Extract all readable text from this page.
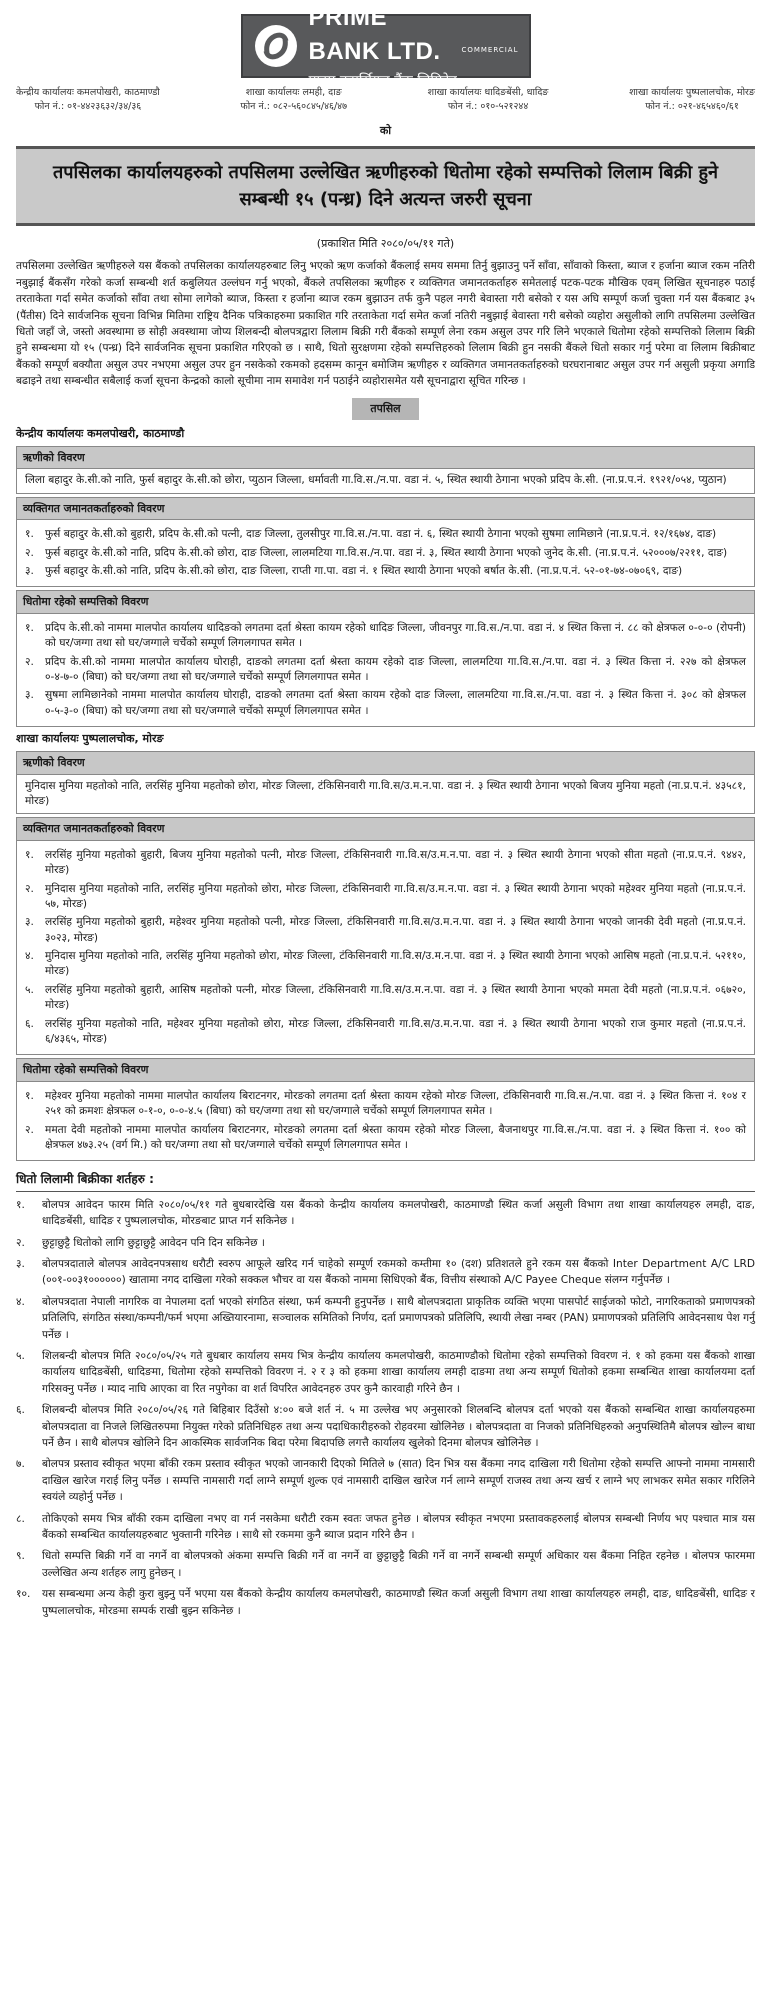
PRiME BANK LTD.	COMMERCIAL
प्राइम कमर्सियल बैंक लिमिटेड
केन्द्रीय कार्यालयः कमलपोखरी, काठमाण्डौ
फोन नं.: ०१-४४२३६३२/३४/३६
शाखा कार्यालयः लमही, दाङ
फोन नं.: ०८२-५६०८४५/४६/४७
शाखा कार्यालयः धादिङबेंसी, धादिङ
फोन नं.: ०१०-५२१२४४
शाखा कार्यालयः पुष्पलालचोक, मोरङ
फोन नं.: ०२१-४६५४६०/६१
को
तपसिलका कार्यालयहरुको तपसिलमा उल्लेखित ऋणीहरुको धितोमा रहेको सम्पत्तिको लिलाम बिक्री हुने सम्बन्धी १५ (पन्ध्र) दिने अत्यन्त जरुरी सूचना
(प्रकाशित मिति २०८०/०५/११ गते)
तपसिलमा उल्लेखित ऋणीहरुले यस बैंकको तपसिलका कार्यालयहरुबाट लिनु भएको ऋण कर्जाको बैंकलाई समय सममा तिर्नु बुझाउनु पर्ने साँवा, साँवाको किस्ता, ब्याज र हर्जाना ब्याज रकम नतिरी नबुझाई बैंकसँग गरेको कर्जा सम्बन्धी शर्त कबुलियत उल्लंघन गर्नु भएको, बैंकले तपसिलका ऋणीहरु र व्यक्तिगत जमानतकर्ताहरु समेतलाई पटक-पटक मौखिक एवम् लिखित सूचनाहरु पठाई तरताकेता गर्दा समेत कर्जाको साँवा तथा सोमा लागेको ब्याज, किस्ता र हर्जाना ब्याज रकम बुझाउन तर्फ कुनै पहल नगरी बेवास्ता गरी बसेको र यस अघि सम्पूर्ण कर्जा चुक्ता गर्न यस बैंकबाट ३५ (पैंतीस) दिने सार्वजनिक सूचना विभिन्न मितिमा राष्ट्रिय दैनिक पत्रिकाहरुमा प्रकाशित गरि तरताकेता गर्दा समेत कर्जा नतिरी नबुझाई बेवास्ता गरी बसेको व्यहोरा असुलीको लागि तपसिलमा उल्लेखित धितो जहाँ जे, जस्तो अवस्थामा छ सोही अवस्थामा जोप्य शिलबन्दी बोलपत्रद्वारा लिलाम बिक्री गरी बैंकको सम्पूर्ण लेना रकम असुल उपर गरि लिने भएकाले धितोमा रहेको सम्पत्तिको लिलाम बिक्री हुने सम्बन्धमा यो १५ (पन्ध्र) दिने सार्वजनिक सूचना प्रकाशित गरिएको छ । साथै, धितो सुरक्षणमा रहेको सम्पत्तिहरुको लिलाम बिक्री हुन नसकी बैंकले धितो सकार गर्नु परेमा वा लिलाम बिक्रीबाट बैंकको सम्पूर्ण बक्यौता असुल उपर नभएमा असुल उपर हुन नसकेको रकमको हदसम्म कानून बमोजिम ऋणीहरु र व्यक्तिगत जमानतकर्ताहरुको घरघरानाबाट असुल उपर गर्न असुली प्रकृया अगाडि बढाइने तथा सम्बन्धीत सबैलाई कर्जा सूचना केन्द्रको कालो सूचीमा नाम समावेश गर्न पठाईने व्यहोरासमेत यसै सूचनाद्वारा सूचित गरिन्छ ।
तपसिल
केन्द्रीय कार्यालयः कमलपोखरी, काठमाण्डौ
ऋणीको विवरण
लिला बहादुर के.सी.को नाति, फुर्स बहादुर के.सी.को छोरा, प्युठान जिल्ला, धर्मावती गा.वि.स./न.पा. वडा नं. ५, स्थित स्थायी ठेगाना भएको प्रदिप के.सी. (ना.प्र.प.नं. १९२१/०५४, प्युठान)
व्यक्तिगत जमानतकर्ताहरुको विवरण
१.	फुर्स बहादुर के.सी.को बुहारी, प्रदिप के.सी.को पत्नी, दाङ जिल्ला, तुलसीपुर गा.वि.स./न.पा. वडा नं. ६, स्थित स्थायी ठेगाना भएको सुषमा लामिछाने (ना.प्र.प.नं. १२/१६७४, दाङ)
२.	फुर्स बहादुर के.सी.को नाति, प्रदिप के.सी.को छोरा, दाङ जिल्ला, लालमटिया गा.वि.स./न.पा. वडा नं. ३, स्थित स्थायी ठेगाना भएको जुनेद के.सी. (ना.प्र.प.नं. ५२०००७/२२११, दाङ)
३.	फुर्स बहादुर के.सी.को नाति, प्रदिप के.सी.को छोरा, दाङ जिल्ला, राप्ती गा.पा. वडा नं. १ स्थित स्थायी ठेगाना भएको बर्षात के.सी. (ना.प्र.प.नं. ५२-०१-७४-०७०६९, दाङ)
धितोमा रहेको सम्पत्तिको विवरण
१.	प्रदिप के.सी.को नाममा मालपोत कार्यालय धादिङको लगतमा दर्ता श्रेस्ता कायम रहेको धादिङ जिल्ला, जीवनपुर गा.वि.स./न.पा. वडा नं. ४ स्थित कित्ता नं. ८८ को क्षेत्रफल ०-०-० (रोपनी) को घर/जग्गा तथा सो घर/जग्गाले चर्चेको सम्पूर्ण लिगलगापत समेत ।
२.	प्रदिप के.सी.को नाममा मालपोत कार्यालय घोराही, दाङको लगतमा दर्ता श्रेस्ता कायम रहेको दाङ जिल्ला, लालमटिया गा.वि.स./न.पा. वडा नं. ३ स्थित कित्ता नं. २२७ को क्षेत्रफल ०-४-७-० (बिघा) को घर/जग्गा तथा सो घर/जग्गाले चर्चेको सम्पूर्ण लिगलगापत समेत ।
३.	सुषमा लामिछानेको नाममा मालपोत कार्यालय घोराही, दाङको लगतमा दर्ता श्रेस्ता कायम रहेको दाङ जिल्ला, लालमटिया गा.वि.स./न.पा. वडा नं. ३ स्थित कित्ता नं. ३०८ को क्षेत्रफल ०-५-३-० (बिघा) को घर/जग्गा तथा सो घर/जग्गाले चर्चेको सम्पूर्ण लिगलगापत समेत ।
शाखा कार्यालयः पुष्पलालचोक, मोरङ
ऋणीको विवरण
मुनिदास मुनिया महतोको नाति, लरसिंह मुनिया महतोको छोरा, मोरङ जिल्ला, टंकिसिनवारी गा.वि.स/उ.म.न.पा. वडा नं. ३ स्थित स्थायी ठेगाना भएको बिजय मुनिया महतो (ना.प्र.प.नं. ४३५८१, मोरङ)
व्यक्तिगत जमानतकर्ताहरुको विवरण
१.	लरसिंह मुनिया महतोको बुहारी, बिजय मुनिया महतोको पत्नी, मोरङ जिल्ला, टंकिसिनवारी गा.वि.स/उ.म.न.पा. वडा नं. ३ स्थित स्थायी ठेगाना भएको सीता महतो (ना.प्र.प.नं. ९४४२, मोरङ)
२.	मुनिदास मुनिया महतोको नाति, लरसिंह मुनिया महतोको छोरा, मोरङ जिल्ला, टंकिसिनवारी गा.वि.स/उ.म.न.पा. वडा नं. ३ स्थित स्थायी ठेगाना भएको महेश्वर मुनिया महतो (ना.प्र.प.नं. ५७, मोरङ)
३.	लरसिंह मुनिया महतोको बुहारी, महेश्वर मुनिया महतोको पत्नी, मोरङ जिल्ला, टंकिसिनवारी गा.वि.स/उ.म.न.पा. वडा नं. ३ स्थित स्थायी ठेगाना भएको जानकी देवी महतो (ना.प्र.प.नं. ३०२३, मोरङ)
४.	मुनिदास मुनिया महतोको नाति, लरसिंह मुनिया महतोको छोरा, मोरङ जिल्ला, टंकिसिनवारी गा.वि.स/उ.म.न.पा. वडा नं. ३ स्थित स्थायी ठेगाना भएको आसिष महतो (ना.प्र.प.नं. ५२११०, मोरङ)
५.	लरसिंह मुनिया महतोको बुहारी, आसिष महतोको पत्नी, मोरङ जिल्ला, टंकिसिनवारी गा.वि.स/उ.म.न.पा. वडा नं. ३ स्थित स्थायी ठेगाना भएको ममता देवी महतो (ना.प्र.प.नं. ०६७२०, मोरङ)
६.	लरसिंह मुनिया महतोको नाति, महेश्वर मुनिया महतोको छोरा, मोरङ जिल्ला, टंकिसिनवारी गा.वि.स/उ.म.न.पा. वडा नं. ३ स्थित स्थायी ठेगाना भएको राज कुमार महतो (ना.प्र.प.नं. ६/४३६५, मोरङ)
धितोमा रहेको सम्पत्तिको विवरण
१.	महेश्वर मुनिया महतोको नाममा मालपोत कार्यालय बिराटनगर, मोरङको लगतमा दर्ता श्रेस्ता कायम रहेको मोरङ जिल्ला, टंकिसिनवारी गा.वि.स./न.पा. वडा नं. ३ स्थित कित्ता नं. १०४ र २५१ को क्रमशः क्षेत्रफल ०-१-०, ०-०-४.५ (बिघा) को घर/जग्गा तथा सो घर/जग्गाले चर्चेको सम्पूर्ण लिगलगापत समेत ।
२.	ममता देवी महतोको नाममा मालपोत कार्यालय बिराटनगर, मोरङको लगतमा दर्ता श्रेस्ता कायम रहेको मोरङ जिल्ला, बैजनाथपुर गा.वि.स./न.पा. वडा नं. ३ स्थित कित्ता नं. १०० को क्षेत्रफल ४७३.२५ (वर्ग मि.) को घर/जग्गा तथा सो घर/जग्गाले चर्चेको सम्पूर्ण लिगलगापत समेत ।
धितो लिलामी बिक्रीका शर्तहरु :
१.	बोलपत्र आवेदन फारम मिति २०८०/०५/११ गते बुधबारदेखि यस बैंकको केन्द्रीय कार्यालय कमलपोखरी, काठमाण्डौ स्थित कर्जा असुली विभाग तथा शाखा कार्यालयहरु लमही, दाङ, धादिङबेंसी, धादिङ र पुष्पलालचोक, मोरङबाट प्राप्त गर्न सकिनेछ ।
२.	छुट्टाछुट्टै धितोको लागि छुट्टाछुट्टै आवेदन पनि दिन सकिनेछ ।
३.	बोलपत्रदाताले बोलपत्र आवेदनपत्रसाथ धरौटी स्वरुप आफूले खरिद गर्न चाहेको सम्पूर्ण रकमको कम्तीमा १० (दश) प्रतिशतले हुने रकम यस बैंकको Inter Department A/C LRD (००१-००३१००००००) खातामा नगद दाखिला गरेको सक्कल भौचर वा यस बैंकको नाममा सिधिएको बैंक, वित्तीय संस्थाको A/C Payee Cheque संलग्न गर्नुपर्नेछ ।
४.	बोलपत्रदाता नेपाली नागरिक वा नेपालमा दर्ता भएको संगठित संस्था, फर्म कम्पनी हुनुपर्नेछ । साथै बोलपत्रदाता प्राकृतिक व्यक्ति भएमा पासपोर्ट साईजको फोटो, नागरिकताको प्रमाणपत्रको प्रतिलिपि, संगठित संस्था/कम्पनी/फर्म भएमा अख्तियारनामा, सञ्चालक समितिको निर्णय, दर्ता प्रमाणपत्रको प्रतिलिपि, स्थायी लेखा नम्बर (PAN) प्रमाणपत्रको प्रतिलिपि आवेदनसाथ पेश गर्नु पर्नेछ ।
५.	शिलबन्दी बोलपत्र मिति २०८०/०५/२५ गते बुधबार कार्यालय समय भित्र केन्द्रीय कार्यालय कमलपोखरी, काठमाण्डौको धितोमा रहेको सम्पत्तिको विवरण नं. १ को हकमा यस बैंकको शाखा कार्यालय धादिङबेंसी, धादिङमा, धितोमा रहेको सम्पत्तिको विवरण नं. २ र ३ को हकमा शाखा कार्यालय लमही दाङमा तथा अन्य सम्पूर्ण धितोको हकमा सम्बन्धित शाखा कार्यालयमा दर्ता गरिसक्नु पर्नेछ । म्याद नाघि आएका वा रित नपुगेका वा शर्त विपरित आवेदनहरु उपर कुनै कारवाही गरिने छैन ।
६.	शिलबन्दी बोलपत्र मिति २०८०/०५/२६ गते बिहिबार दिउँसो ४:०० बजे शर्त नं. ५ मा उल्लेख भए अनुसारको शिलबन्दि बोलपत्र दर्ता भएको यस बैंकको सम्बन्धित शाखा कार्यालयहरुमा बोलपत्रदाता वा निजले लिखितरुपमा नियुक्त गरेको प्रतिनिधिहरु तथा अन्य पदाधिकारीहरुको रोहवरमा खोलिनेछ । बोलपत्रदाता वा निजको प्रतिनिधिहरुको अनुपस्थितिमै बोलपत्र खोल्न बाधा पर्ने छैन । साथै बोलपत्र खोलिने दिन आकस्मिक सार्वजनिक बिदा परेमा बिदापछि लगत्तै कार्यालय खुलेको दिनमा बोलपत्र खोलिनेछ ।
७.	बोलपत्र प्रस्ताव स्वीकृत भएमा बाँकी रकम प्रस्ताव स्वीकृत भएको जानकारी दिएको मितिले ७ (सात) दिन भित्र यस बैंकमा नगद दाखिला गरी धितोमा रहेको सम्पत्ति आफ्नो नाममा नामसारी दाखिल खारेज गराई लिनु पर्नेछ । सम्पत्ति नामसारी गर्दा लाग्ने सम्पूर्ण शुल्क एवं नामसारी दाखिल खारेज गर्न लाग्ने सम्पूर्ण राजस्व तथा अन्य खर्च र लाग्ने भए लाभकर समेत सकार गरिलिने स्वयंले व्यहोर्नु पर्नेछ ।
८.	तोकिएको समय भित्र बाँकी रकम दाखिला नभए वा गर्न नसकेमा धरौटी रकम स्वतः जफत हुनेछ । बोलपत्र स्वीकृत नभएमा प्रस्तावकहरुलाई बोलपत्र सम्बन्धी निर्णय भए पश्चात मात्र यस बैंकको सम्बन्धित कार्यालयहरुबाट भुक्तानी गरिनेछ । साथै सो रकममा कुनै ब्याज प्रदान गरिने छैन ।
९.	धितो सम्पत्ति बिक्री गर्ने वा नगर्ने वा बोलपत्रको अंकमा सम्पत्ति बिक्री गर्ने वा नगर्ने वा छुट्टाछुट्टै बिक्री गर्ने वा नगर्ने सम्बन्धी सम्पूर्ण अधिकार यस बैंकमा निहित रहनेछ । बोलपत्र फारममा उल्लेखित अन्य शर्तहरु लागु हुनेछन् ।
१०.	यस सम्बन्धमा अन्य केही कुरा बुझ्नु पर्ने भएमा यस बैंकको केन्द्रीय कार्यालय कमलपोखरी, काठमाण्डौ स्थित कर्जा असुली विभाग तथा शाखा कार्यालयहरु लमही, दाङ, धादिङबेंसी, धादिङ र पुष्पलालचोक, मोरङमा सम्पर्क राखी बुझ्न सकिनेछ ।
